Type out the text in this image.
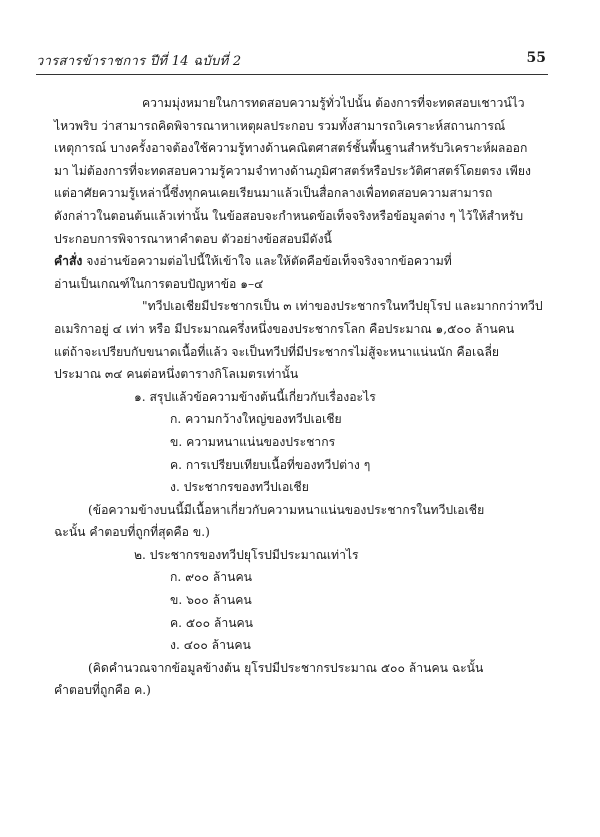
วารสารข้าราชการ ปีที่ 14 ฉบับที่ 2	55

ความมุ่งหมายในการทดสอบความรู้ทั่วไปนั้น ต้องการที่จะทดสอบเชาวน์ไว

ไหวพริบ ว่าสามารถคิดพิจารณาหาเหตุผลประกอบ รวมทั้งสามารถวิเคราะห์สถานการณ์

เหตุการณ์ บางครั้งอาจต้องใช้ความรู้ทางด้านคณิตศาสตร์ชั้นพื้นฐานสำหรับวิเคราะห์ผลออก

มา ไม่ต้องการที่จะทดสอบความรู้ความจำทางด้านภูมิศาสตร์หรือประวัติศาสตร์โดยตรง เพียง

แต่อาศัยความรู้เหล่านี้ซึ่งทุกคนเคยเรียนมาแล้วเป็นสื่อกลางเพื่อทดสอบความสามารถ

ดังกล่าวในตอนต้นแล้วเท่านั้น ในข้อสอบจะกำหนดข้อเท็จจริงหรือข้อมูลต่าง ๆ ไว้ให้สำหรับ

ประกอบการพิจารณาหาคำตอบ ตัวอย่างข้อสอบมีดังนี้

คำสั่ง จงอ่านข้อความต่อไปนี้ให้เข้าใจ และให้ตัดคือข้อเท็จจริงจากข้อความที่

อ่านเป็นเกณฑ์ในการตอบปัญหาข้อ ๑–๔

"ทวีปเอเชียมีประชากรเป็น ๓ เท่าของประชากรในทวีปยุโรป และมากกว่าทวีป

อเมริกาอยู่ ๔ เท่า หรือ มีประมาณครึ่งหนึ่งของประชากรโลก คือประมาณ ๑,๕๐๐ ล้านคน

แต่ถ้าจะเปรียบกับขนาดเนื้อที่แล้ว จะเป็นทวีปที่มีประชากรไม่สู้จะหนาแน่นนัก คือเฉลี่ย

ประมาณ ๓๔ คนต่อหนึ่งตารางกิโลเมตรเท่านั้น

๑. สรุปแล้วข้อความข้างต้นนี้เกี่ยวกับเรื่องอะไร

ก. ความกว้างใหญ่ของทวีปเอเชีย

ข. ความหนาแน่นของประชากร

ค. การเปรียบเทียบเนื้อที่ของทวีปต่าง ๆ

ง. ประชากรของทวีปเอเชีย

(ข้อความข้างบนนี้มีเนื้อหาเกี่ยวกับความหนาแน่นของประชากรในทวีปเอเชีย

ฉะนั้น คำตอบที่ถูกที่สุดคือ ข.)

๒. ประชากรของทวีปยุโรปมีประมาณเท่าไร

ก. ๙๐๐ ล้านคน

ข. ๖๐๐ ล้านคน

ค. ๕๐๐ ล้านคน

ง. ๔๐๐ ล้านคน

(คิดคำนวณจากข้อมูลข้างต้น ยุโรปมีประชากรประมาณ ๕๐๐ ล้านคน ฉะนั้น

คำตอบที่ถูกคือ ค.)
